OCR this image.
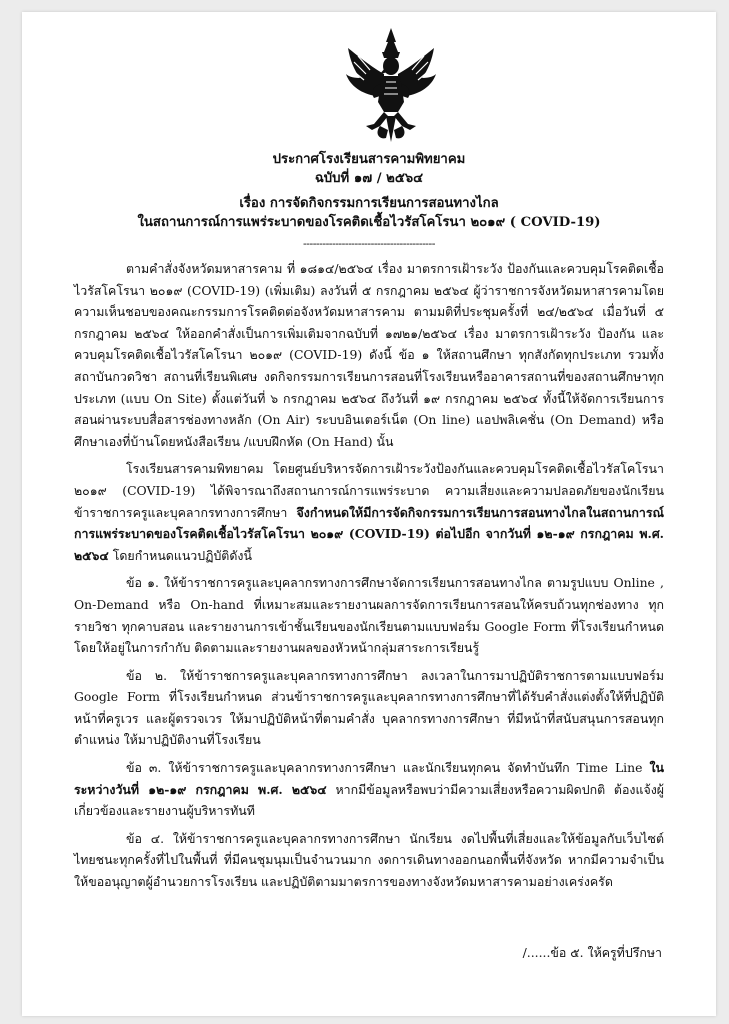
ประกาศโรงเรียนสารคามพิทยาคม
ฉบับที่ ๑๗ / ๒๕๖๔
เรื่อง การจัดกิจกรรมการเรียนการสอนทางไกล
ในสถานการณ์การแพร่ระบาดของโรคติดเชื้อไวรัสโคโรนา ๒๐๑๙ ( COVID-19)
-----------------------------------------

ตามคำสั่งจังหวัดมหาสารคาม ที่ ๑๘๑๔/๒๕๖๔ เรื่อง มาตรการเฝ้าระวัง ป้องกันและควบคุมโรคติดเชื้อไวรัสโคโรนา ๒๐๑๙ (COVID-19) (เพิ่มเติม) ลงวันที่ ๕ กรกฎาคม ๒๕๖๔ ผู้ว่าราชการจังหวัดมหาสารคามโดยความเห็นชอบของคณะกรรมการโรคติดต่อจังหวัดมหาสารคาม ตามมติที่ประชุมครั้งที่ ๒๔/๒๕๖๔ เมื่อวันที่ ๕ กรกฎาคม ๒๕๖๔ ให้ออกคำสั่งเป็นการเพิ่มเติมจากฉบับที่ ๑๗๒๑/๒๕๖๔ เรื่อง มาตรการเฝ้าระวัง ป้องกัน และควบคุมโรคติดเชื้อไวรัสโคโรนา ๒๐๑๙ (COVID-19) ดังนี้ ข้อ ๑ ให้สถานศึกษา ทุกสังกัดทุกประเภท รวมทั้งสถาบันกวดวิชา สถานที่เรียนพิเศษ งดกิจกรรมการเรียนการสอนที่โรงเรียนหรืออาคารสถานที่ของสถานศึกษาทุกประเภท (แบบ On Site) ตั้งแต่วันที่ ๖ กรกฎาคม ๒๕๖๔ ถึงวันที่ ๑๙ กรกฎาคม ๒๕๖๔ ทั้งนี้ให้จัดการเรียนการสอนผ่านระบบสื่อสารช่องทางหลัก (On Air) ระบบอินเตอร์เน็ต (On line) แอปพลิเคชั่น (On Demand) หรือศึกษาเองที่บ้านโดยหนังสือเรียน /แบบฝึกหัด (On Hand) นั้น

โรงเรียนสารคามพิทยาคม โดยศูนย์บริหารจัดการเฝ้าระวังป้องกันและควบคุมโรคติดเชื้อไวรัสโคโรนา ๒๐๑๙ (COVID-19) ได้พิจารณาถึงสถานการณ์การแพร่ระบาด ความเสี่ยงและความปลอดภัยของนักเรียน ข้าราชการครูและบุคลากรทางการศึกษา จึงกำหนดให้มีการจัดกิจกรรมการเรียนการสอนทางไกลในสถานการณ์การแพร่ระบาดของโรคติดเชื้อไวรัสโคโรนา ๒๐๑๙ (COVID-19) ต่อไปอีก จากวันที่ ๑๒-๑๙ กรกฎาคม พ.ศ. ๒๕๖๔ โดยกำหนดแนวปฏิบัติดังนี้

ข้อ ๑. ให้ข้าราชการครูและบุคลากรทางการศึกษาจัดการเรียนการสอนทางไกล ตามรูปแบบ Online , On-Demand หรือ On-hand ที่เหมาะสมและรายงานผลการจัดการเรียนการสอนให้ครบถ้วนทุกช่องทาง ทุกรายวิชา ทุกคาบสอน และรายงานการเข้าชั้นเรียนของนักเรียนตามแบบฟอร์ม Google Form ที่โรงเรียนกำหนด โดยให้อยู่ในการกำกับ ติดตามและรายงานผลของหัวหน้ากลุ่มสาระการเรียนรู้

ข้อ ๒. ให้ข้าราชการครูและบุคลากรทางการศึกษา ลงเวลาในการมาปฏิบัติราชการตามแบบฟอร์ม Google Form ที่โรงเรียนกำหนด ส่วนข้าราชการครูและบุคลากรทางการศึกษาที่ได้รับคำสั่งแต่งตั้งให้ที่ปฏิบัติหน้าที่ครูเวร และผู้ตรวจเวร ให้มาปฏิบัติหน้าที่ตามคำสั่ง บุคลากรทางการศึกษา ที่มีหน้าที่สนับสนุนการสอนทุกตำแหน่ง ให้มาปฏิบัติงานที่โรงเรียน

ข้อ ๓. ให้ข้าราชการครูและบุคลากรทางการศึกษา และนักเรียนทุกคน จัดทำบันทึก Time Line ในระหว่างวันที่ ๑๒-๑๙ กรกฎาคม พ.ศ. ๒๕๖๔ หากมีข้อมูลหรือพบว่ามีความเสี่ยงหรือความผิดปกติ ต้องแจ้งผู้เกี่ยวข้องและรายงานผู้บริหารทันที

ข้อ ๔. ให้ข้าราชการครูและบุคลากรทางการศึกษา นักเรียน งดไปพื้นที่เสี่ยงและให้ข้อมูลกับเว็บไซต์ไทยชนะทุกครั้งที่ไปในพื้นที่ ที่มีคนชุมนุมเป็นจำนวนมาก งดการเดินทางออกนอกพื้นที่จังหวัด หากมีความจำเป็นให้ขออนุญาตผู้อำนวยการโรงเรียน และปฏิบัติตามมาตรการของทางจังหวัดมหาสารคามอย่างเคร่งครัด

/......ข้อ ๕. ให้ครูที่ปรึกษา
